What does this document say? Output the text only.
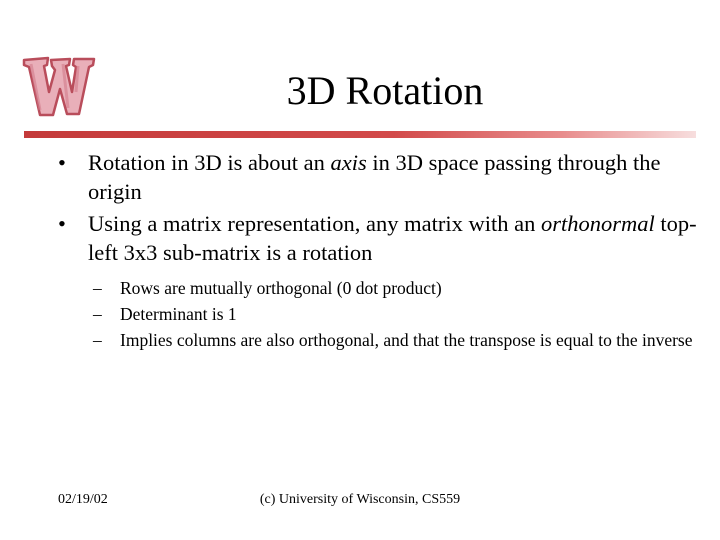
3D Rotation
• Rotation in 3D is about an axis in 3D space passing through the origin
• Using a matrix representation, any matrix with an orthonormal top-left 3x3 sub-matrix is a rotation
– Rows are mutually orthogonal (0 dot product)
– Determinant is 1
– Implies columns are also orthogonal, and that the transpose is equal to the inverse
02/19/02	(c) University of Wisconsin, CS559
